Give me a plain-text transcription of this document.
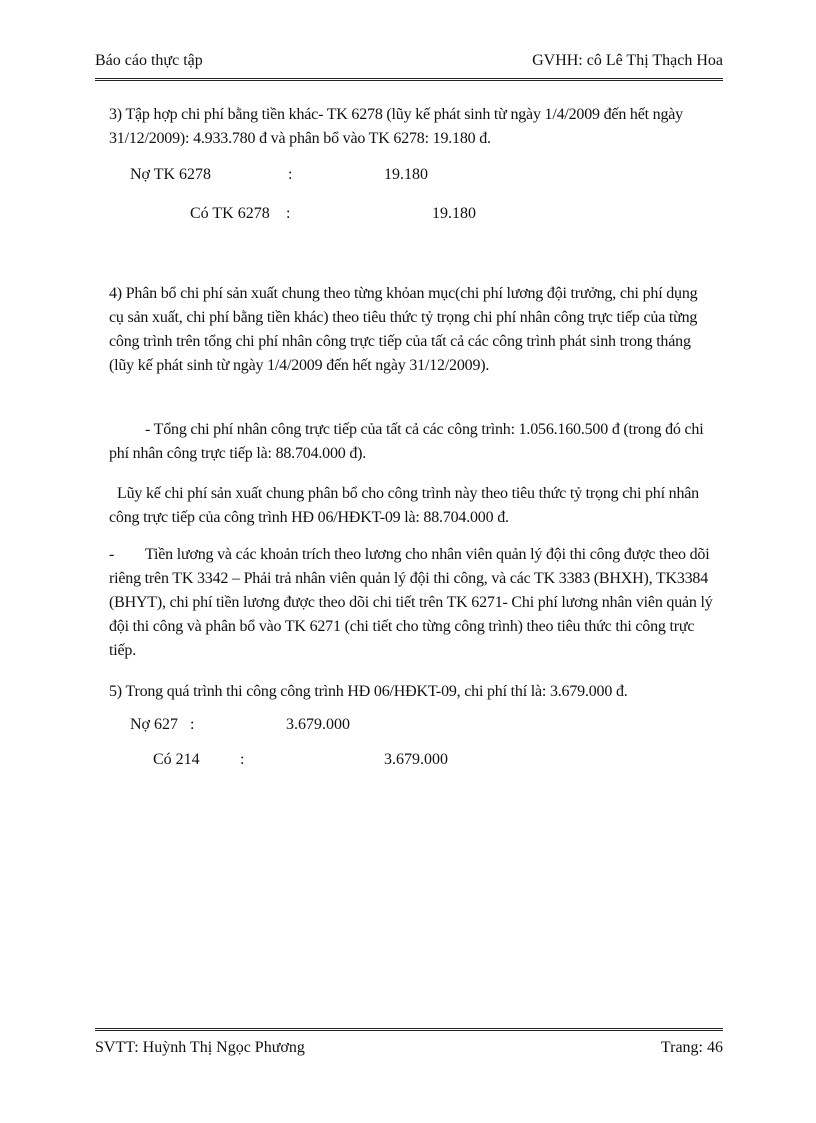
Báo cáo thực tập	GVHH: cô Lê Thị Thạch Hoa
3) Tập hợp chi phí bằng tiền khác- TK 6278 (lũy kế phát sinh từ ngày 1/4/2009 đến hết ngày 31/12/2009): 4.933.780 đ và phân bổ vào TK 6278: 19.180 đ.
Nợ TK 6278	:	19.180
Có TK 6278 :	19.180
4) Phân bổ chi phí sản xuất chung theo từng khỏan mục(chi phí lương đội trưởng, chi phí dụng cụ sản xuất, chi phí bằng tiền khác) theo tiêu thức tỷ trọng chi phí nhân công trực tiếp của từng công trình trên tổng chi phí nhân công trực tiếp của tất cả các công trình phát sinh trong tháng (lũy kế phát sinh từ ngày 1/4/2009 đến hết ngày 31/12/2009).
- Tổng chi phí nhân công trực tiếp của tất cả các công trình: 1.056.160.500 đ (trong đó chi phí nhân công trực tiếp là: 88.704.000 đ).
Lũy kế chi phí sản xuất chung phân bổ cho công trình này theo tiêu thức tỷ trọng chi phí nhân công trực tiếp của công trình HĐ 06/HĐKT-09 là: 88.704.000 đ.
-	Tiền lương và các khoản trích theo lương cho nhân viên quản lý đội thi công được theo dõi riêng trên TK 3342 – Phải trả nhân viên quản lý đội thi công, và các TK 3383 (BHXH), TK3384 (BHYT), chi phí tiền lương được theo dõi chi tiết trên TK 6271- Chi phí lương nhân viên quản lý đội thi công và phân bổ vào TK 6271 (chi tiết cho từng công trình) theo tiêu thức thi công trực tiếp.
5) Trong quá trình thi công công trình HĐ 06/HĐKT-09, chi phí thí là: 3.679.000 đ.
Nợ 627 :	3.679.000
Có 214	:	3.679.000
SVTT: Huỳnh Thị Ngọc Phương	Trang: 46
